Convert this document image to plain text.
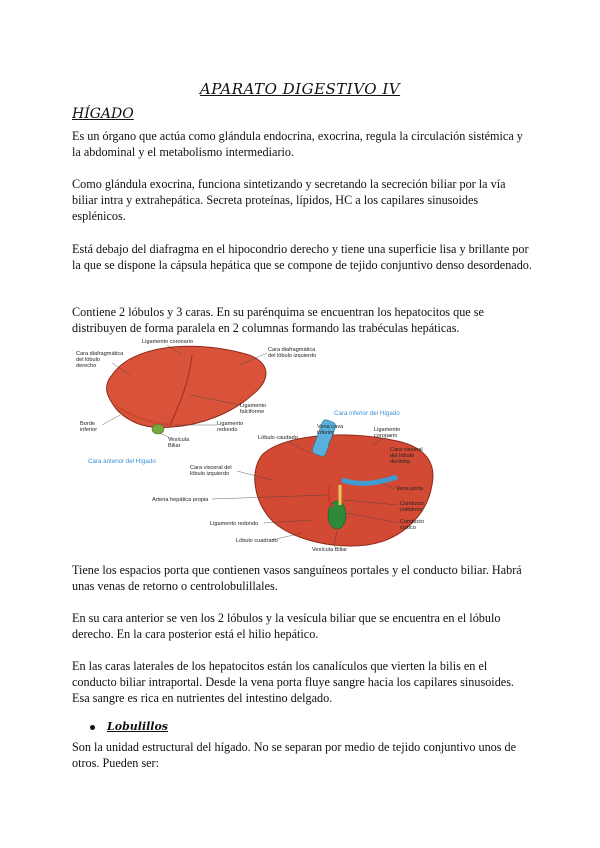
APARATO DIGESTIVO IV
HÍGADO
Es un órgano que actúa como glándula endocrina, exocrina, regula la circulación sistémica y la abdominal y el metabolismo intermediario.
Como glándula exocrina, funciona sintetizando y secretando la secreción biliar por la vía biliar intra y extrahepática. Secreta proteínas, lípidos, HC a los capilares sinusoides esplénicos.
Está debajo del diafragma en el hipocondrio derecho y tiene una superficie lisa y brillante por la que se dispone la cápsula hepática que se compone de tejido conjuntivo denso desordenado.
Contiene 2 lóbulos y 3 caras. En su parénquima se encuentran los hepatocitos que se distribuyen de forma paralela en 2 columnas formando las trabéculas hepáticas.
Ligamento coronario
Cara diafragmática del lóbulo derecho
Cara diafragmática del lóbulo izquierdo
Ligamento falciforme
Borde inferior
Ligamento redondo
Vesícula Biliar
Cara anterior del Hígado
Cara inferior del Hígado
Lóbulo caudado
Vena cava inferior	Ligamento coronario
Cara visceral del lóbulo derecho
Cara visceral del lóbulo izquierdo
Vena porta
Arteria hepática propia
Conducto colédoco
Ligamento redondo	Conducto cístico
Lóbulo cuadrado
Vesícula Biliar
Tiene los espacios porta que contienen vasos sanguíneos portales y el conducto biliar. Habrá unas venas de retorno o centrolobulillales.
En su cara anterior se ven los 2 lóbulos y la vesícula biliar que se encuentra en el lóbulo derecho. En la cara posterior está el hilio hepático.
En las caras laterales de los hepatocitos están los canalículos que vierten la bilis en el conducto biliar intraportal. Desde la vena porta fluye sangre hacia los capilares sinusoides. Esa sangre es rica en nutrientes del intestino delgado.
Lobulillos
Son la unidad estructural del hígado. No se separan por medio de tejido conjuntivo unos de otros. Pueden ser:
